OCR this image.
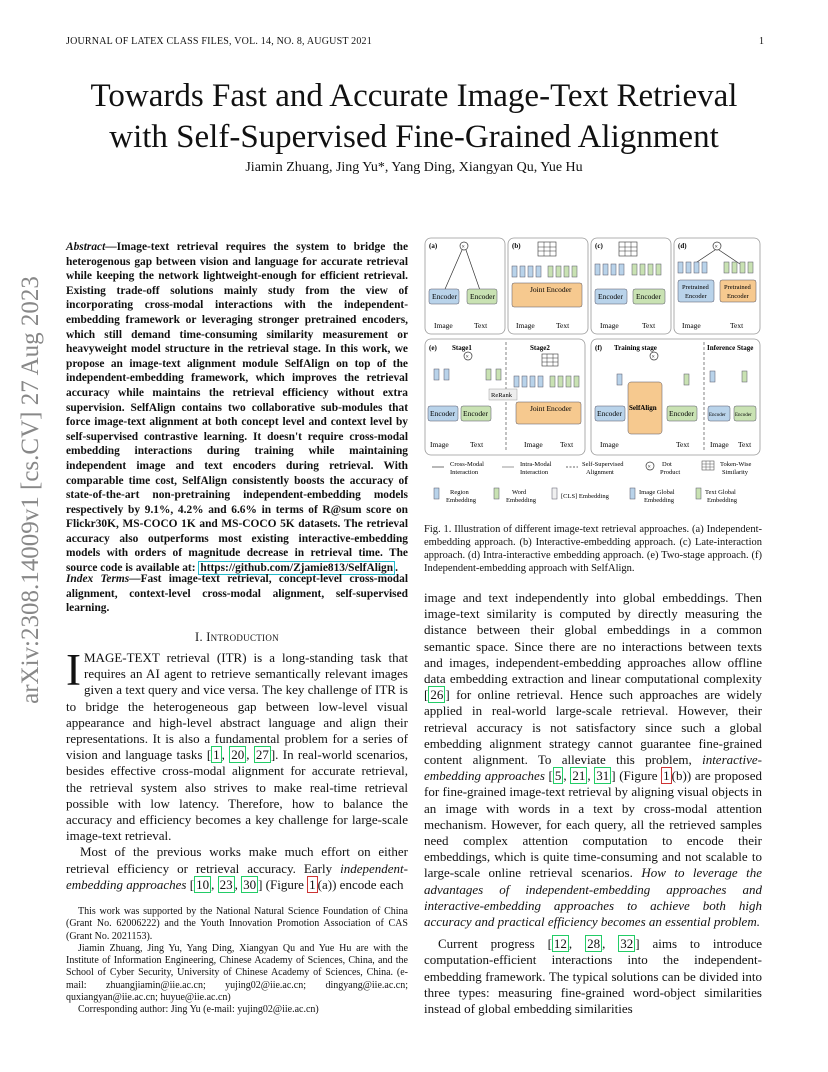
JOURNAL OF LATEX CLASS FILES, VOL. 14, NO. 8, AUGUST 2021	1
arXiv:2308.14009v1 [cs.CV] 27 Aug 2023
Towards Fast and Accurate Image-Text Retrieval
with Self-Supervised Fine-Grained Alignment
Jiamin Zhuang, Jing Yu*, Yang Ding, Xiangyan Qu, Yue Hu
Abstract—Image-text retrieval requires the system to bridge the heterogenous gap between vision and language for accurate retrieval while keeping the network lightweight-enough for efficient retrieval. Existing trade-off solutions mainly study from the view of incorporating cross-modal interactions with the independent-embedding framework or leveraging stronger pretrained encoders, which still demand time-consuming similarity measurement or heavyweight model structure in the retrieval stage. In this work, we propose an image-text alignment module SelfAlign on top of the independent-embedding framework, which improves the retrieval accuracy while maintains the retrieval efficiency without extra supervision. SelfAlign contains two collaborative sub-modules that force image-text alignment at both concept level and context level by self-supervised contrastive learning. It doesn't require cross-modal embedding interactions during training while maintaining independent image and text encoders during retrieval. With comparable time cost, SelfAlign consistently boosts the accuracy of state-of-the-art non-pretraining independent-embedding models respectively by 9.1%, 4.2% and 6.6% in terms of R@sum score on Flickr30K, MS-COCO 1K and MS-COCO 5K datasets. The retrieval accuracy also outperforms most existing interactive-embedding models with orders of magnitude decrease in retrieval time. The source code is available at: https://github.com/Zjamie813/SelfAlign .
Index Terms—Fast image-text retrieval, concept-level cross-modal alignment, context-level cross-modal alignment, self-supervised learning.
I. Introduction

IMAGE-TEXT retrieval (ITR) is a long-standing task that requires an AI agent to retrieve semantically relevant images given a text query and vice versa. The key challenge of ITR is to bridge the heterogeneous gap between low-level visual appearance and high-level abstract language and align their representations. It is also a fundamental problem for a series of vision and language tasks [ 1 , 20 , 27 ]. In real-world scenarios, besides effective cross-modal alignment for accurate retrieval, the retrieval system also strives to make real-time retrieval possible with low latency. Therefore, how to balance the accuracy and efficiency becomes a key challenge for large-scale image-text retrieval.

Most of the previous works make much effort on either retrieval efficiency or retrieval accuracy. Early independent-embedding approaches [ 10 , 23 , 30 ] (Figure 1 (a)) encode each

This work was supported by the National Natural Science Foundation of China (Grant No. 62006222) and the Youth Innovation Promotion Association of CAS (Grant No. 2021153).

Jiamin Zhuang, Jing Yu, Yang Ding, Xiangyan Qu and Yue Hu are with the Institute of Information Engineering, Chinese Academy of Sciences, China, and the School of Cyber Security, University of Chinese Academy of Sciences, China. (e-mail: zhuangjiamin@iie.ac.cn; yujing02@iie.ac.cn; dingyang@iie.ac.cn; quxiangyan@iie.ac.cn; huyue@iie.ac.cn)

Corresponding author: Jing Yu (e-mail: yujing02@iie.ac.cn)

(a)	(b)	(c)	(d)
(e)	(f)
×
Encoder Encoder
Image	Text
Joint Encoder
Image	Text
Encoder Encoder
Image	Text
×
Pretrained
Encoder
Pretrained
Encoder
Image	Text
Stage1	Stage2
×
Encoder Encoder
ReRank
Joint Encoder
Image	Text	Image Text
Training stage	Inference Stage
×
Encoder
SelfAlign
Encoder	Encoder Encoder
Image	Text	Image Text
Cross-Modal
Interaction
Intra-Modal
Interaction
Self-Supervised
Alignment
× Dot
Product
Token-Wise
Similarity
Region
Embedding
Word
Embedding
[CLS] Embedding
Image Global
Embedding
Text Global
Embedding
Fig. 1. Illustration of different image-text retrieval approaches. (a) Independent-embedding approach. (b) Interactive-embedding approach. (c) Late-interaction approach. (d) Intra-interactive embedding approach. (e) Two-stage approach. (f) Independent-embedding approach with SelfAlign.

image and text independently into global embeddings. Then image-text similarity is computed by directly measuring the distance between their global embeddings in a common semantic space. Since there are no interactions between texts and images, independent-embedding approaches allow offline data embedding extraction and linear computational complexity [ 26 ] for online retrieval. Hence such approaches are widely applied in real-world large-scale retrieval. However, their retrieval accuracy is not satisfactory since such a global embedding alignment strategy cannot guarantee fine-grained content alignment. To alleviate this problem, interactive-embedding approaches [ 5 , 21 , 31 ] (Figure 1 (b)) are proposed for fine-grained image-text retrieval by aligning visual objects in an image with words in a text by cross-modal attention mechanism. However, for each query, all the retrieved samples need complex attention computation to encode their embeddings, which is quite time-consuming and not scalable to large-scale online retrieval scenarios. How to leverage the advantages of independent-embedding approaches and interactive-embedding approaches to achieve both high accuracy and practical efficiency becomes an essential problem.

Current progress [ 12 , 28 , 32 ] aims to introduce computation-efficient interactions into the independent-embedding framework. The typical solutions can be divided into three types: measuring fine-grained word-object similarities instead of global embedding similarities
